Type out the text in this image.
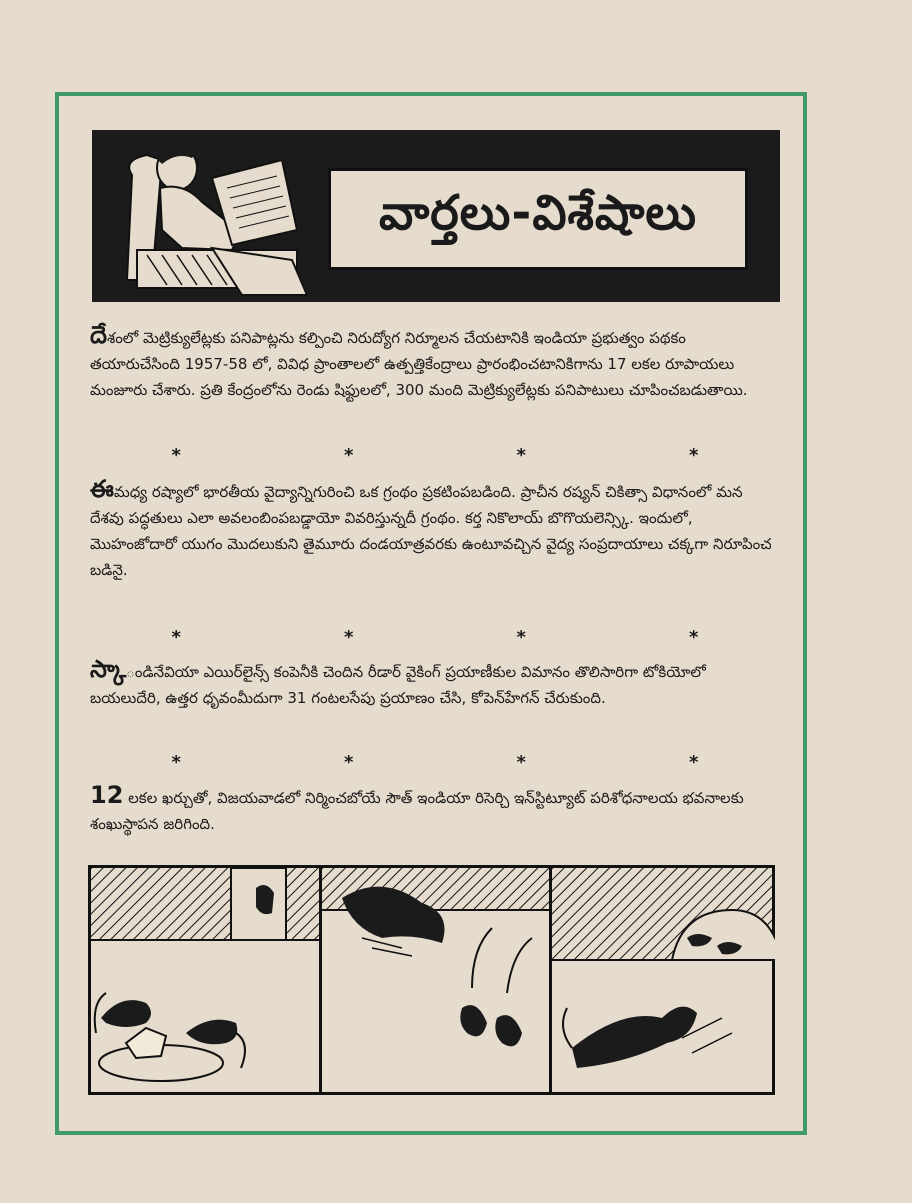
వార్తలు-విశేషాలు

దేశంలో మెట్రిక్యులేట్లకు పనిపాట్లను కల్పించి నిరుద్యోగ నిర్మూలన చేయటానికి ఇండియా ప్రభుత్వం పథకం తయారుచేసింది 1957-58 లో, వివిధ ప్రాంతాలలో ఉత్పత్తికేంద్రాలు ప్రారంభించటానికిగాను 17 లకల రూపాయలు మంజూరు చేశారు. ప్రతి కేంద్రంలోను రెండు షిఫ్టులలో, 300 మంది మెట్రిక్యులేట్లకు పనిపాటులు చూపించబడుతాయి.

*	*	*	*

ఈమధ్య రష్యాలో భారతీయ వైద్యాన్నిగురించి ఒక గ్రంథం ప్రకటింపబడింది. ప్రాచీన రష్యన్ చికిత్సా విధానంలో మన దేశవు పద్ధతులు ఎలా అవలంబింపబడ్డాయో వివరిస్తున్నదీ గ్రంథం. కర్త నికొలాయ్ బొగొయలెన్స్కి. ఇందులో, మొహంజోదారో యుగం మొదలుకుని తైమూరు దండయాత్రవరకు ఉంటూవచ్చిన వైద్య సంప్రదాయాలు చక్కగా నిరూపించ బడినై.

*	*	*	*

స్కాండినేవియా ఎయిర్‌లైన్స్ కంపెనీకి చెందిన రీడార్ వైకింగ్ ప్రయాణీకుల విమానం తొలిసారిగా టోకియోలో బయలుదేరి, ఉత్తర ధృవంమీదుగా 31 గంటలసేపు ప్రయాణం చేసి, కోపెన్‌హేగన్ చేరుకుంది.

*	*	*	*

12 లకల ఖర్చుతో, విజయవాడలో నిర్మించబోయే సౌత్ ఇండియా రిసెర్చి ఇన్‌స్టిట్యూట్ పరిశోధనాలయ భవనాలకు శంఖుస్థాపన జరిగింది.
